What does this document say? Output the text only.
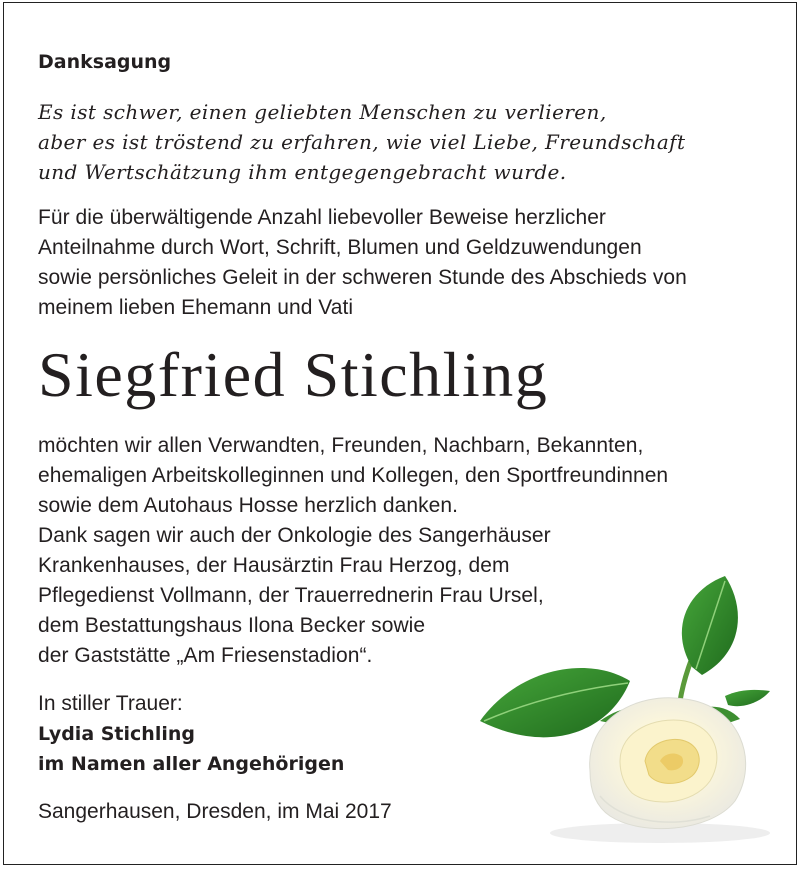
Danksagung
Es ist schwer, einen geliebten Menschen zu verlieren,
aber es ist tröstend zu erfahren, wie viel Liebe, Freundschaft
und Wertschätzung ihm entgegengebracht wurde.
Für die überwältigende Anzahl liebevoller Beweise herzlicher
Anteilnahme durch Wort, Schrift, Blumen und Geldzuwendungen
sowie persönliches Geleit in der schweren Stunde des Abschieds von
meinem lieben Ehemann und Vati
Siegfried Stichling
möchten wir allen Verwandten, Freunden, Nachbarn, Bekannten,
ehemaligen Arbeitskolleginnen und Kollegen, den Sportfreundinnen
sowie dem Autohaus Hosse herzlich danken.
Dank sagen wir auch der Onkologie des Sangerhäuser
Krankenhauses, der Hausärztin Frau Herzog, dem
Pflegedienst Vollmann, der Trauerrednerin Frau Ursel,
dem Bestattungshaus Ilona Becker sowie
der Gaststätte „Am Friesenstadion“.
In stiller Trauer:
Lydia Stichling
im Namen aller Angehörigen
Sangerhausen, Dresden, im Mai 2017
